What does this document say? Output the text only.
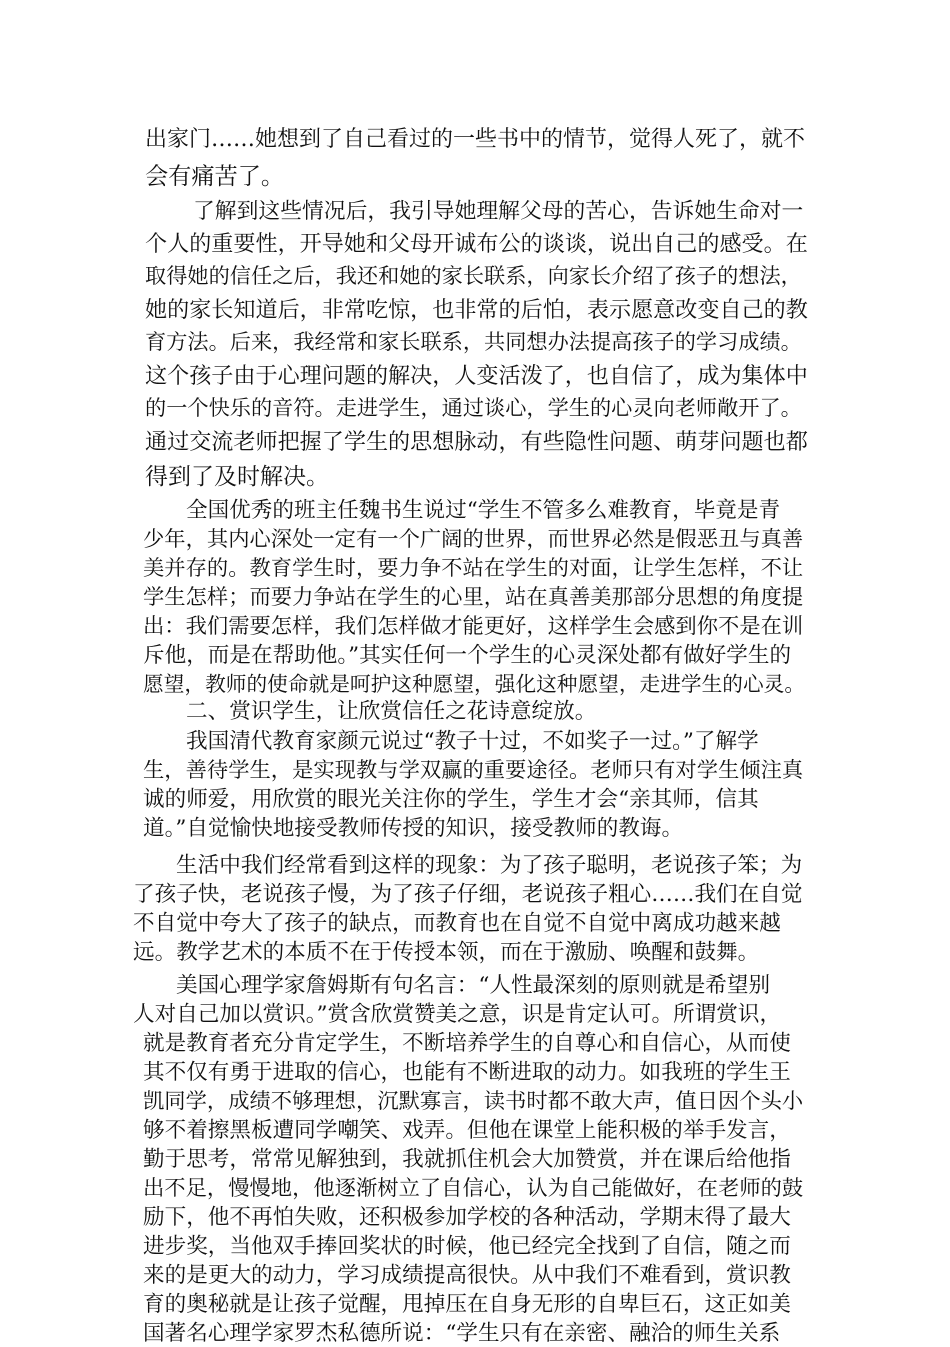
出家门……她想到了自己看过的一些书中的情节，觉得人死了，就不
会有痛苦了。
了解到这些情况后，我引导她理解父母的苦心，告诉她生命对一
个人的重要性，开导她和父母开诚布公的谈谈，说出自己的感受。在
取得她的信任之后，我还和她的家长联系，向家长介绍了孩子的想法，
她的家长知道后，非常吃惊，也非常的后怕，表示愿意改变自己的教
育方法。后来，我经常和家长联系，共同想办法提高孩子的学习成绩。
这个孩子由于心理问题的解决，人变活泼了，也自信了，成为集体中
的一个快乐的音符。走进学生，通过谈心，学生的心灵向老师敞开了。
通过交流老师把握了学生的思想脉动，有些隐性问题、萌芽问题也都
得到了及时解决。
全国优秀的班主任魏书生说过“学生不管多么难教育，毕竟是青
少年，其内心深处一定有一个广阔的世界，而世界必然是假恶丑与真善
美并存的。教育学生时，要力争不站在学生的对面，让学生怎样，不让
学生怎样；而要力争站在学生的心里，站在真善美那部分思想的角度提
出：我们需要怎样，我们怎样做才能更好，这样学生会感到你不是在训
斥他，而是在帮助他。”其实任何一个学生的心灵深处都有做好学生的
愿望，教师的使命就是呵护这种愿望，强化这种愿望，走进学生的心灵。
二、赏识学生，让欣赏信任之花诗意绽放。
我国清代教育家颜元说过“教子十过，不如奖子一过。”了解学
生，善待学生，是实现教与学双赢的重要途径。老师只有对学生倾注真
诚的师爱，用欣赏的眼光关注你的学生，学生才会“亲其师，信其
道。”自觉愉快地接受教师传授的知识，接受教师的教诲。
生活中我们经常看到这样的现象：为了孩子聪明，老说孩子笨；为
了孩子快，老说孩子慢，为了孩子仔细，老说孩子粗心……我们在自觉
不自觉中夸大了孩子的缺点，而教育也在自觉不自觉中离成功越来越
远。教学艺术的本质不在于传授本领，而在于激励、唤醒和鼓舞。
美国心理学家詹姆斯有句名言：“人性最深刻的原则就是希望别
人对自己加以赏识。”赏含欣赏赞美之意，识是肯定认可。所谓赏识，
就是教育者充分肯定学生，不断培养学生的自尊心和自信心，从而使
其不仅有勇于进取的信心，也能有不断进取的动力。如我班的学生王
凯同学，成绩不够理想，沉默寡言，读书时都不敢大声，值日因个头小
够不着擦黑板遭同学嘲笑、戏弄。但他在课堂上能积极的举手发言，
勤于思考，常常见解独到，我就抓住机会大加赞赏，并在课后给他指
出不足，慢慢地，他逐渐树立了自信心，认为自己能做好，在老师的鼓
励下，他不再怕失败，还积极参加学校的各种活动，学期末得了最大
进步奖，当他双手捧回奖状的时候，他已经完全找到了自信，随之而
来的是更大的动力，学习成绩提高很快。从中我们不难看到，赏识教
育的奥秘就是让孩子觉醒，甩掉压在自身无形的自卑巨石，这正如美
国著名心理学家罗杰私德所说：“学生只有在亲密、融洽的师生关系
